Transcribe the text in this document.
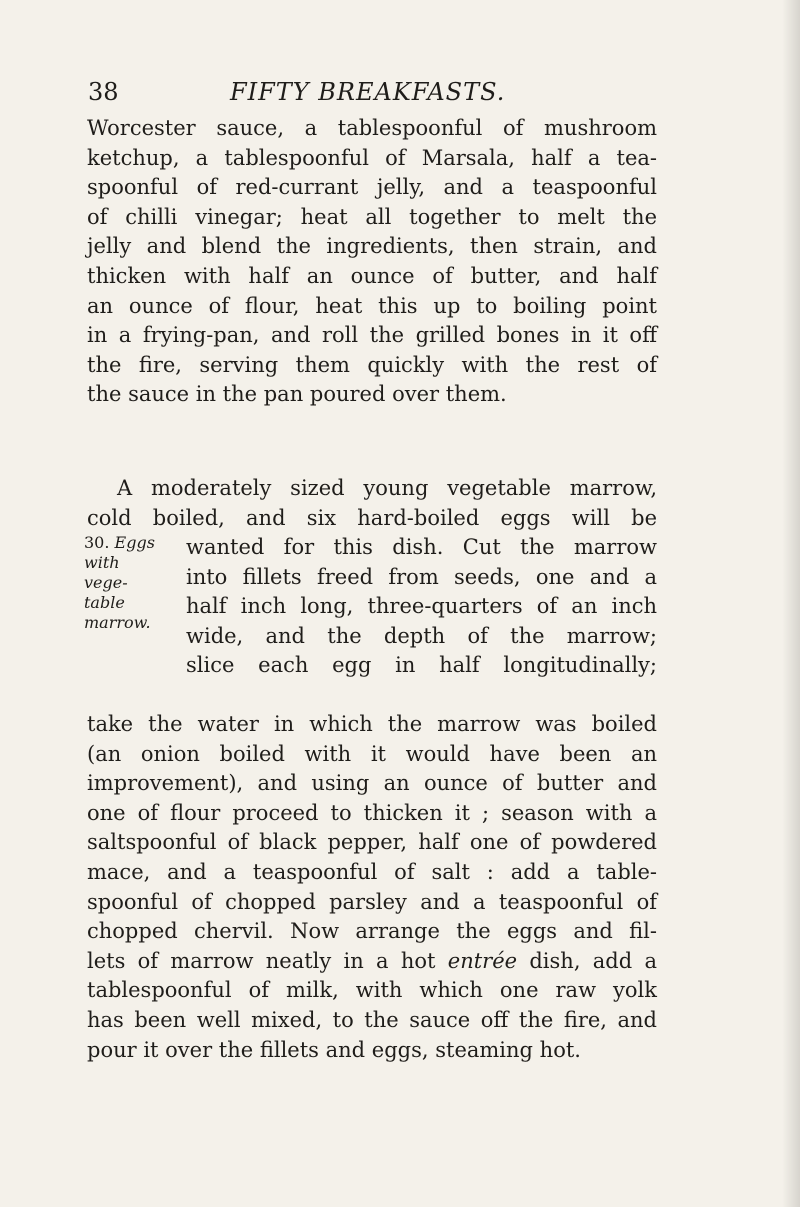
38	FIFTY BREAKFASTS.
Worcester sauce, a tablespoonful of mushroom
ketchup, a tablespoonful of Marsala, half a tea-
spoonful of red-currant jelly, and a teaspoonful
of chilli vinegar; heat all together to melt the
jelly and blend the ingredients, then strain, and
thicken with half an ounce of butter, and half
an ounce of flour, heat this up to boiling point
in a frying-pan, and roll the grilled bones in it off
the fire, serving them quickly with the rest of
the sauce in the pan poured over them.
A moderately sized young vegetable marrow,
cold boiled, and six hard-boiled eggs will be
30. Eggs
with
vege-
table
marrow.
wanted for this dish. Cut the marrow
into fillets freed from seeds, one and a
half inch long, three-quarters of an inch
wide, and the depth of the marrow;
slice each egg in half longitudinally;
take the water in which the marrow was boiled
(an onion boiled with it would have been an
improvement), and using an ounce of butter and
one of flour proceed to thicken it ; season with a
saltspoonful of black pepper, half one of powdered
mace, and a teaspoonful of salt : add a table-
spoonful of chopped parsley and a teaspoonful of
chopped chervil. Now arrange the eggs and fil-
lets of marrow neatly in a hot entrée dish, add a
tablespoonful of milk, with which one raw yolk
has been well mixed, to the sauce off the fire, and
pour it over the fillets and eggs, steaming hot.
